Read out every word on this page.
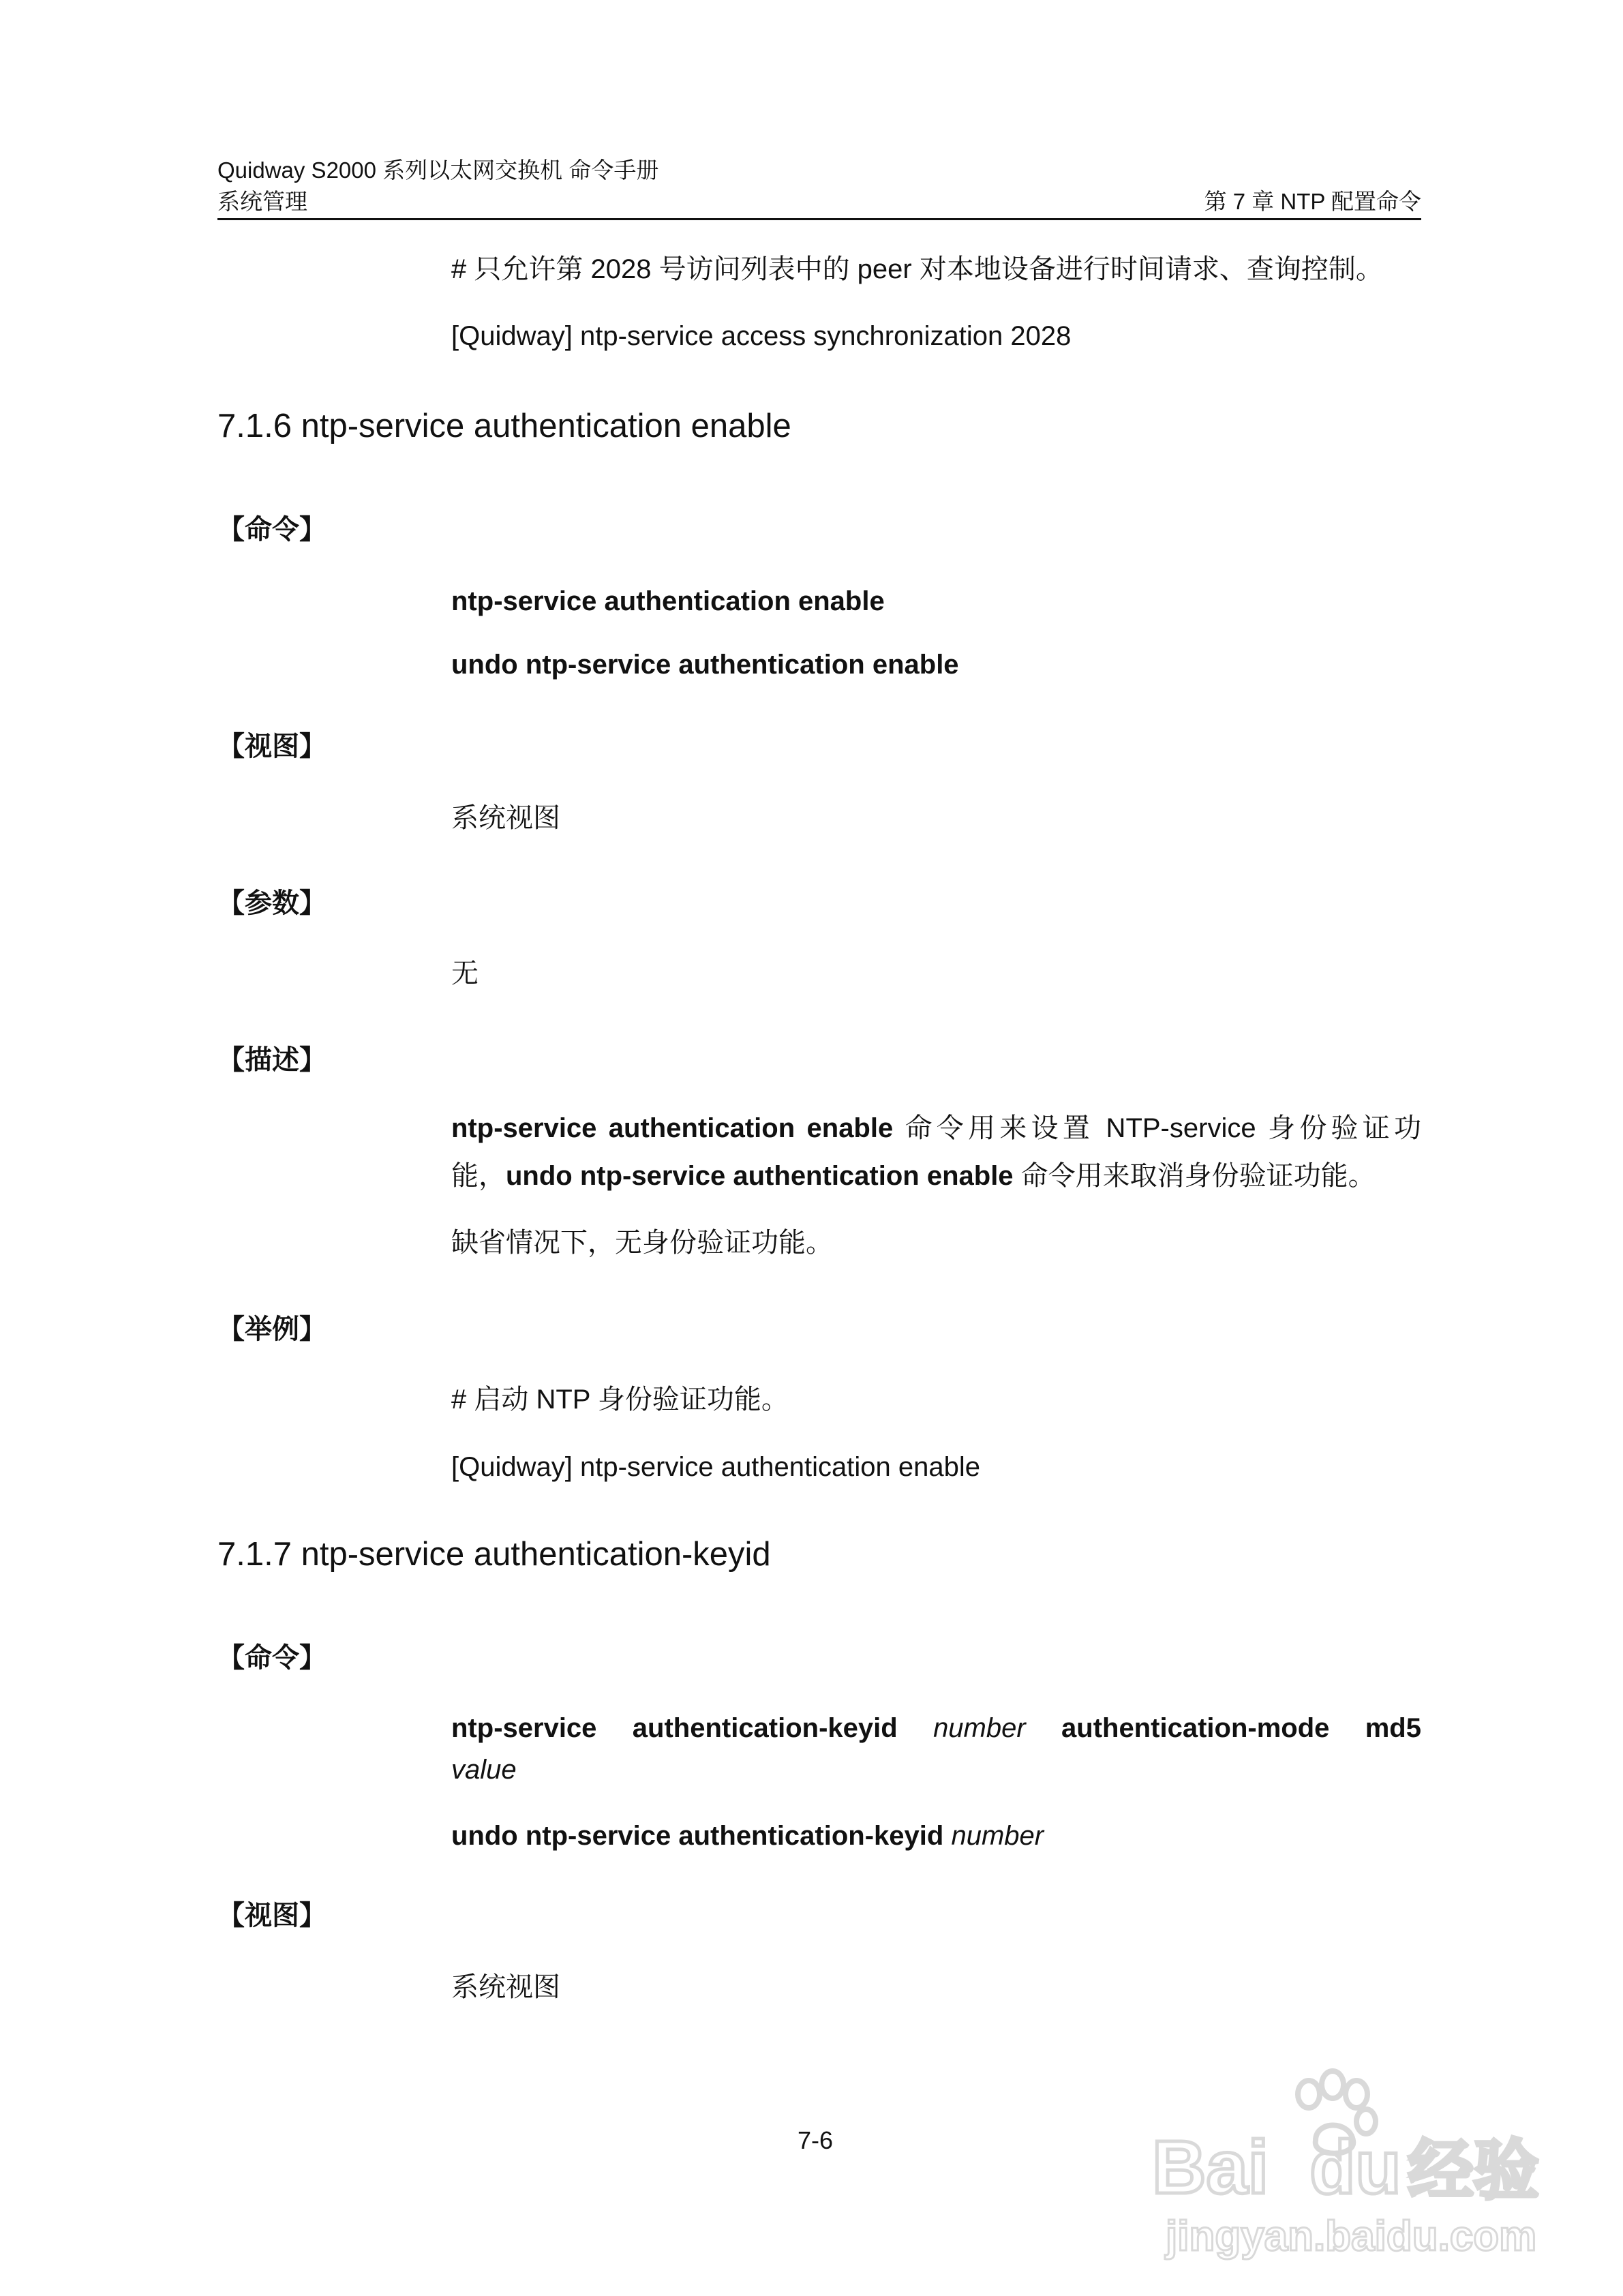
Quidway S2000 系列以太网交换机 命令手册
系统管理	第 7 章 NTP 配置命令
# 只允许第 2028 号访问列表中的 peer 对本地设备进行时间请求、查询控制。
[Quidway] ntp-service access synchronization 2028
7.1.6 ntp-service authentication enable
【命令】
ntp-service authentication enable
undo ntp-service authentication enable
【视图】
系统视图
【参数】
无
【描述】
ntp-service authentication enable 命令用来设置 NTP-service 身份验证功
能，undo ntp-service authentication enable 命令用来取消身份验证功能。
缺省情况下，无身份验证功能。
【举例】
# 启动 NTP 身份验证功能。
[Quidway] ntp-service authentication enable
7.1.7 ntp-service authentication-keyid
【命令】
ntp-service authentication-keyid number authentication-mode md5
value
undo ntp-service authentication-keyid number
【视图】
系统视图
7-6	Bai du 经验
jingyan.baidu.com
